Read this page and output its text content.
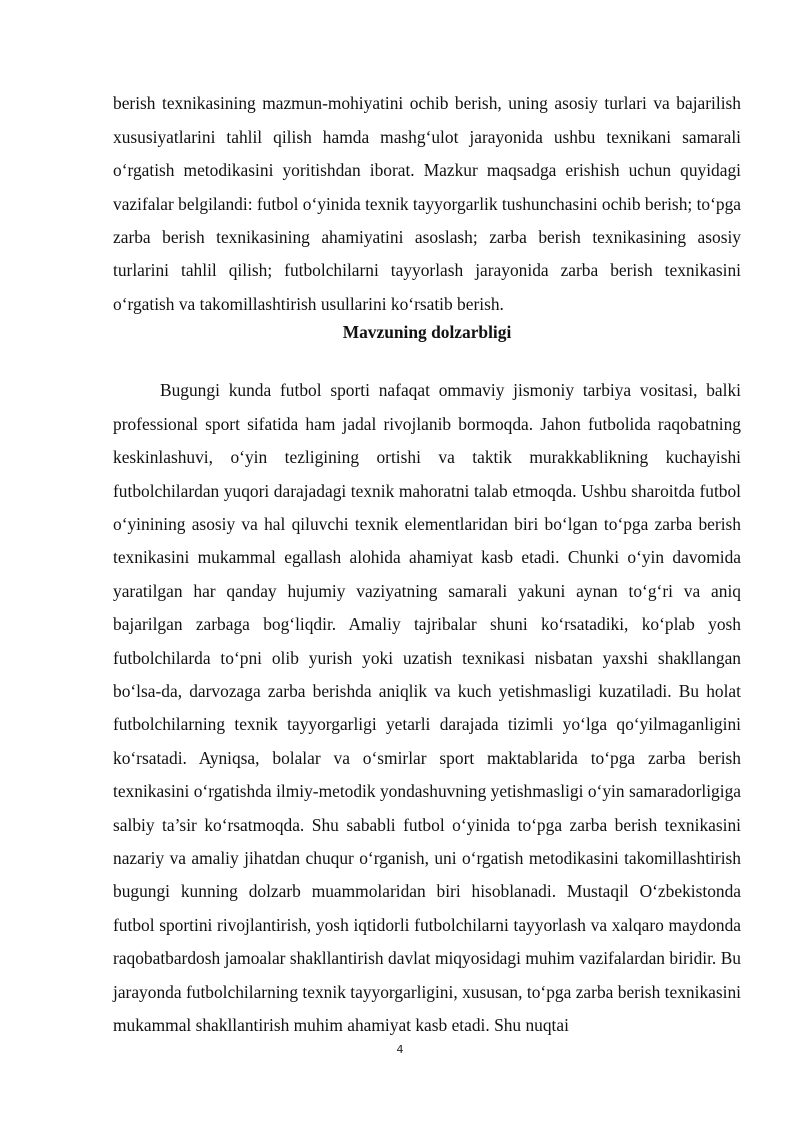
berish texnikasining mazmun-mohiyatini ochib berish, uning asosiy turlari va bajarilish xususiyatlarini tahlil qilish hamda mashg‘ulot jarayonida ushbu texnikani samarali o‘rgatish metodikasini yoritishdan iborat. Mazkur maqsadga erishish uchun quyidagi vazifalar belgilandi: futbol o‘yinida texnik tayyorgarlik tushunchasini ochib berish; to‘pga zarba berish texnikasining ahamiyatini asoslash; zarba berish texnikasining asosiy turlarini tahlil qilish; futbolchilarni tayyorlash jarayonida zarba berish texnikasini o‘rgatish va takomillashtirish usullarini ko‘rsatib berish.

Mavzuning dolzarbligi

Bugungi kunda futbol sporti nafaqat ommaviy jismoniy tarbiya vositasi, balki professional sport sifatida ham jadal rivojlanib bormoqda. Jahon futbolida raqobatning keskinlashuvi, o‘yin tezligining ortishi va taktik murakkablikning kuchayishi futbolchilardan yuqori darajadagi texnik mahoratni talab etmoqda. Ushbu sharoitda futbol o‘yinining asosiy va hal qiluvchi texnik elementlaridan biri bo‘lgan to‘pga zarba berish texnikasini mukammal egallash alohida ahamiyat kasb etadi. Chunki o‘yin davomida yaratilgan har qanday hujumiy vaziyatning samarali yakuni aynan to‘g‘ri va aniq bajarilgan zarbaga bog‘liqdir. Amaliy tajribalar shuni ko‘rsatadiki, ko‘plab yosh futbolchilarda to‘pni olib yurish yoki uzatish texnikasi nisbatan yaxshi shakllangan bo‘lsa-da, darvozaga zarba berishda aniqlik va kuch yetishmasligi kuzatiladi. Bu holat futbolchilarning texnik tayyorgarligi yetarli darajada tizimli yo‘lga qo‘yilmaganligini ko‘rsatadi. Ayniqsa, bolalar va o‘smirlar sport maktablarida to‘pga zarba berish texnikasini o‘rgatishda ilmiy-metodik yondashuvning yetishmasligi o‘yin samaradorligiga salbiy ta’sir ko‘rsatmoqda. Shu sababli futbol o‘yinida to‘pga zarba berish texnikasini nazariy va amaliy jihatdan chuqur o‘rganish, uni o‘rgatish metodikasini takomillashtirish bugungi kunning dolzarb muammolaridan biri hisoblanadi. Mustaqil O‘zbekistonda futbol sportini rivojlantirish, yosh iqtidorli futbolchilarni tayyorlash va xalqaro maydonda raqobatbardosh jamoalar shakllantirish davlat miqyosidagi muhim vazifalardan biridir. Bu jarayonda futbolchilarning texnik tayyorgarligini, xususan, to‘pga zarba berish texnikasini mukammal shakllantirish muhim ahamiyat kasb etadi. Shu nuqtai

4
